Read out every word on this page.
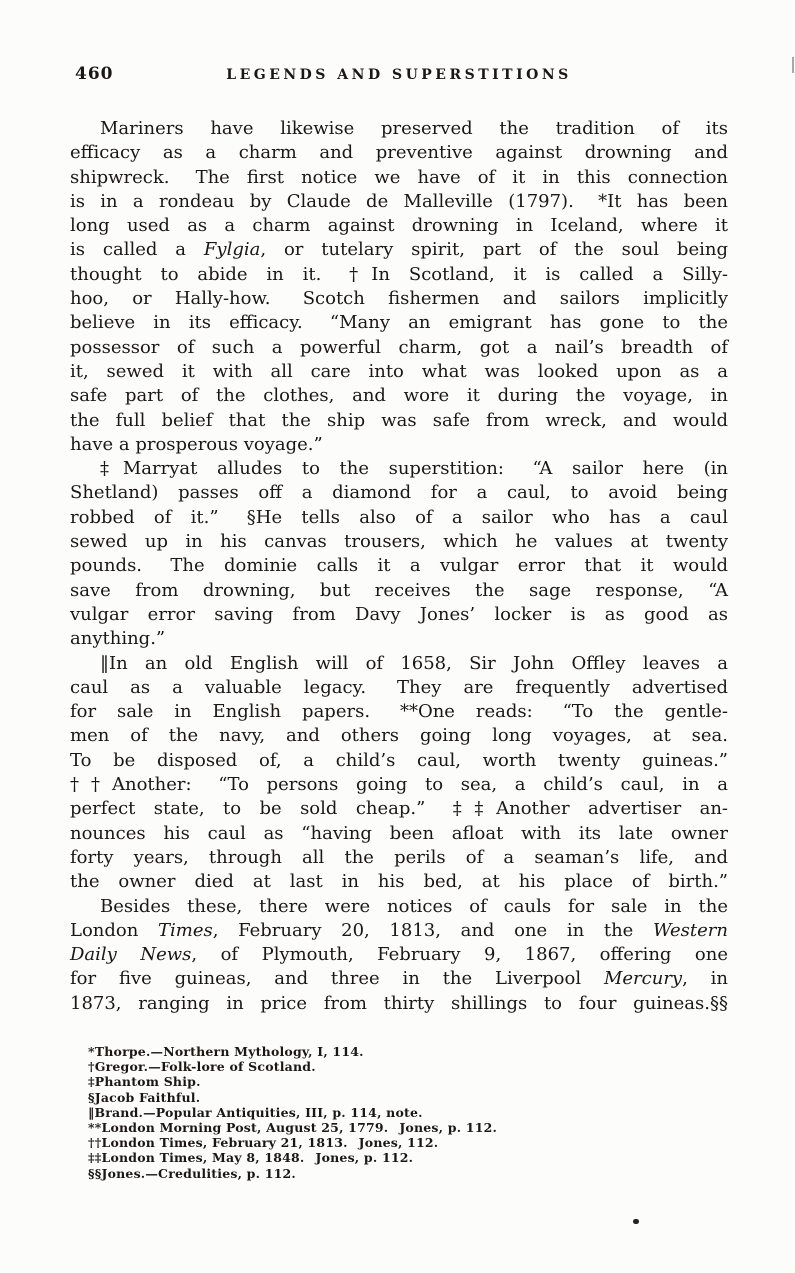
460	LEGENDS AND SUPERSTITIONS
Mariners have likewise preserved the tradition of its
efficacy as a charm and preventive against drowning and
shipwreck.  The first notice we have of it in this connection
is in a rondeau by Claude de Malleville (1797).  *It has been
long used as a charm against drowning in Iceland, where it
is called a Fylgia, or tutelary spirit, part of the soul being
thought to abide in it.  †In Scotland, it is called a Silly-
hoo, or Hally-how.  Scotch fishermen and sailors implicitly
believe in its efficacy.  “Many an emigrant has gone to the
possessor of such a powerful charm, got a nail’s breadth of
it, sewed it with all care into what was looked upon as a
safe part of the clothes, and wore it during the voyage, in
the full belief that the ship was safe from wreck, and would
have a prosperous voyage.”
‡Marryat alludes to the superstition:  “A sailor here (in
Shetland) passes off a diamond for a caul, to avoid being
robbed of it.”  §He tells also of a sailor who has a caul
sewed up in his canvas trousers, which he values at twenty
pounds.  The dominie calls it a vulgar error that it would
save from drowning, but receives the sage response, “A
vulgar error saving from Davy Jones’ locker is as good as
anything.”
‖In an old English will of 1658, Sir John Offley leaves a
caul as a valuable legacy.  They are frequently advertised
for sale in English papers.  **One reads:  “To the gentle-
men of the navy, and others going long voyages, at sea.
To be disposed of, a child’s caul, worth twenty guineas.”
††Another:  “To persons going to sea, a child’s caul, in a
perfect state, to be sold cheap.”  ‡‡Another advertiser an-
nounces his caul as “having been afloat with its late owner
forty years, through all the perils of a seaman’s life, and
the owner died at last in his bed, at his place of birth.”
Besides these, there were notices of cauls for sale in the
London Times, February 20, 1813, and one in the Western
Daily News, of Plymouth, February 9, 1867, offering one
for five guineas, and three in the Liverpool Mercury, in
1873, ranging in price from thirty shillings to four guineas.§§
*Thorpe.—Northern Mythology, I, 114.
†Gregor.—Folk-lore of Scotland.
‡Phantom Ship.
§Jacob Faithful.
‖Brand.—Popular Antiquities, III, p. 114, note.
**London Morning Post, August 25, 1779.  Jones, p. 112.
††London Times, February 21, 1813.  Jones, 112.
‡‡London Times, May 8, 1848.  Jones, p. 112.
§§Jones.—Credulities, p. 112.
